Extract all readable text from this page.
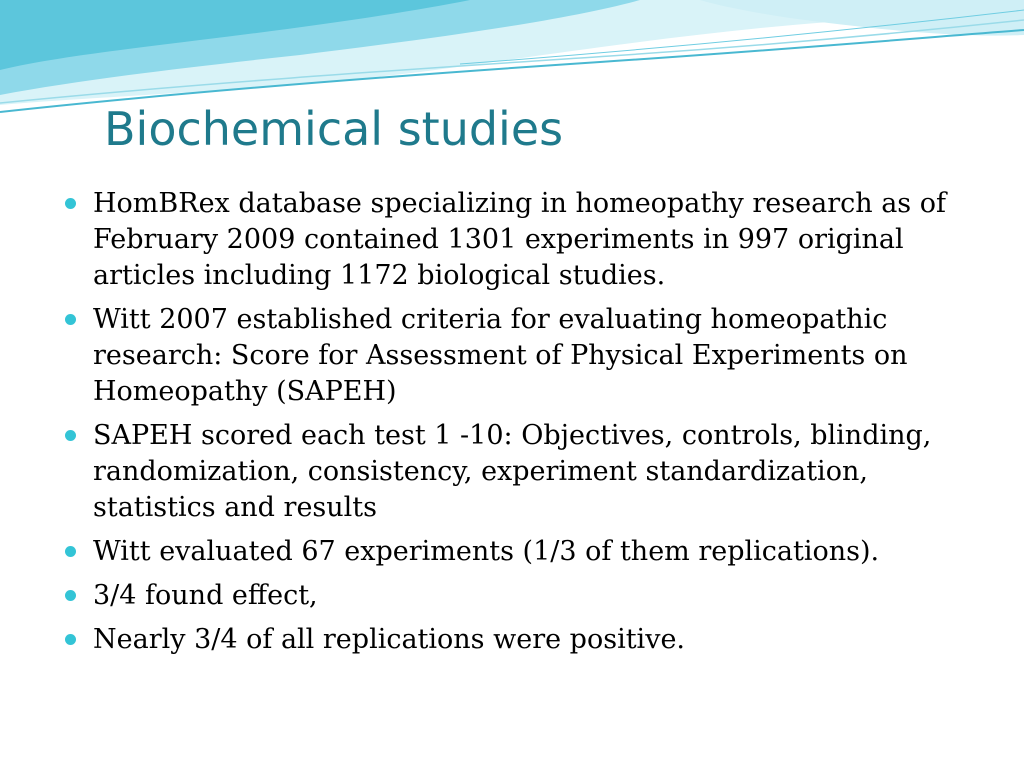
Biochemical studies
HomBRex database specializing in homeopathy research as of February 2009 contained 1301 experiments in 997 original articles including 1172 biological studies.
Witt 2007 established criteria for evaluating homeopathic research: Score for Assessment of Physical Experiments on Homeopathy (SAPEH)
SAPEH scored each test 1 -10: Objectives, controls, blinding,  randomization, consistency, experiment standardization,  statistics and results
Witt evaluated 67 experiments (1/3 of them replications).
3/4 found effect,
Nearly 3/4 of all replications were positive.
